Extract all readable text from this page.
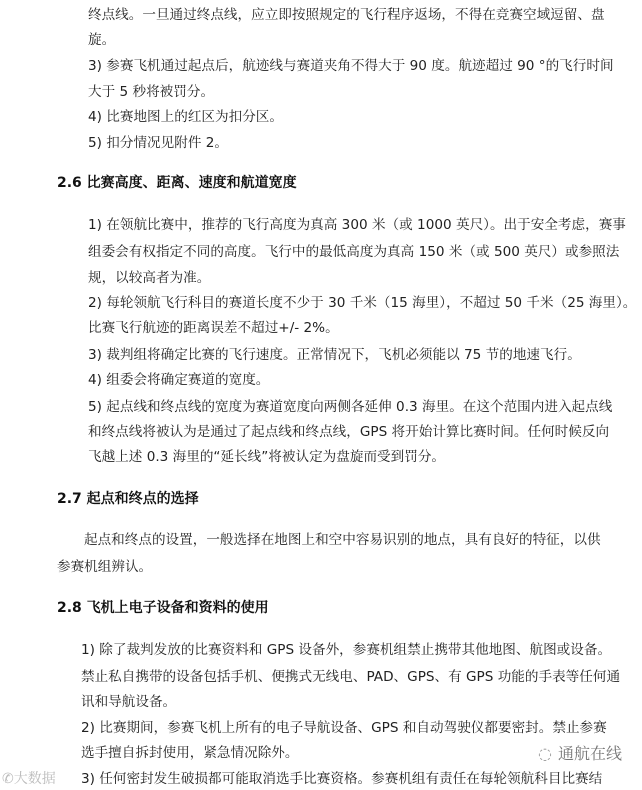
终点线。一旦通过终点线，应立即按照规定的飞行程序返场，不得在竞赛空域逗留、盘
旋。
3) 参赛飞机通过起点后，航迹线与赛道夹角不得大于 90 度。航迹超过 90 °的飞行时间
大于 5 秒将被罚分。
4) 比赛地图上的红区为扣分区。
5) 扣分情况见附件 2。
2.6 比赛高度、距离、速度和航道宽度
1) 在领航比赛中，推荐的飞行高度为真高 300 米（或 1000 英尺）。出于安全考虑，赛事
组委会有权指定不同的高度。飞行中的最低高度为真高 150 米（或 500 英尺）或参照法
规，以较高者为准。
2) 每轮领航飞行科目的赛道长度不少于 30 千米（15 海里），不超过 50 千米（25 海里）。
比赛飞行航迹的距离误差不超过+/- 2%。
3) 裁判组将确定比赛的飞行速度。正常情况下，飞机必须能以 75 节的地速飞行。
4) 组委会将确定赛道的宽度。
5) 起点线和终点线的宽度为赛道宽度向两侧各延伸 0.3 海里。在这个范围内进入起点线
和终点线将被认为是通过了起点线和终点线，GPS 将开始计算比赛时间。任何时候反向
飞越上述 0.3 海里的“延长线”将被认定为盘旋而受到罚分。
2.7 起点和终点的选择
起点和终点的设置，一般选择在地图上和空中容易识别的地点，具有良好的特征，以供
参赛机组辨认。
2.8 飞机上电子设备和资料的使用
1) 除了裁判发放的比赛资料和 GPS 设备外，参赛机组禁止携带其他地图、航图或设备。
禁止私自携带的设备包括手机、便携式无线电、PAD、GPS、有 GPS 功能的手表等任何通
讯和导航设备。
2) 比赛期间，参赛飞机上所有的电子导航设备、GPS 和自动驾驶仪都要密封。禁止参赛
选手擅自拆封使用，紧急情况除外。
3) 任何密封发生破损都可能取消选手比赛资格。参赛机组有责任在每轮领航科目比赛结
✆大数据
◌ 通航在线
